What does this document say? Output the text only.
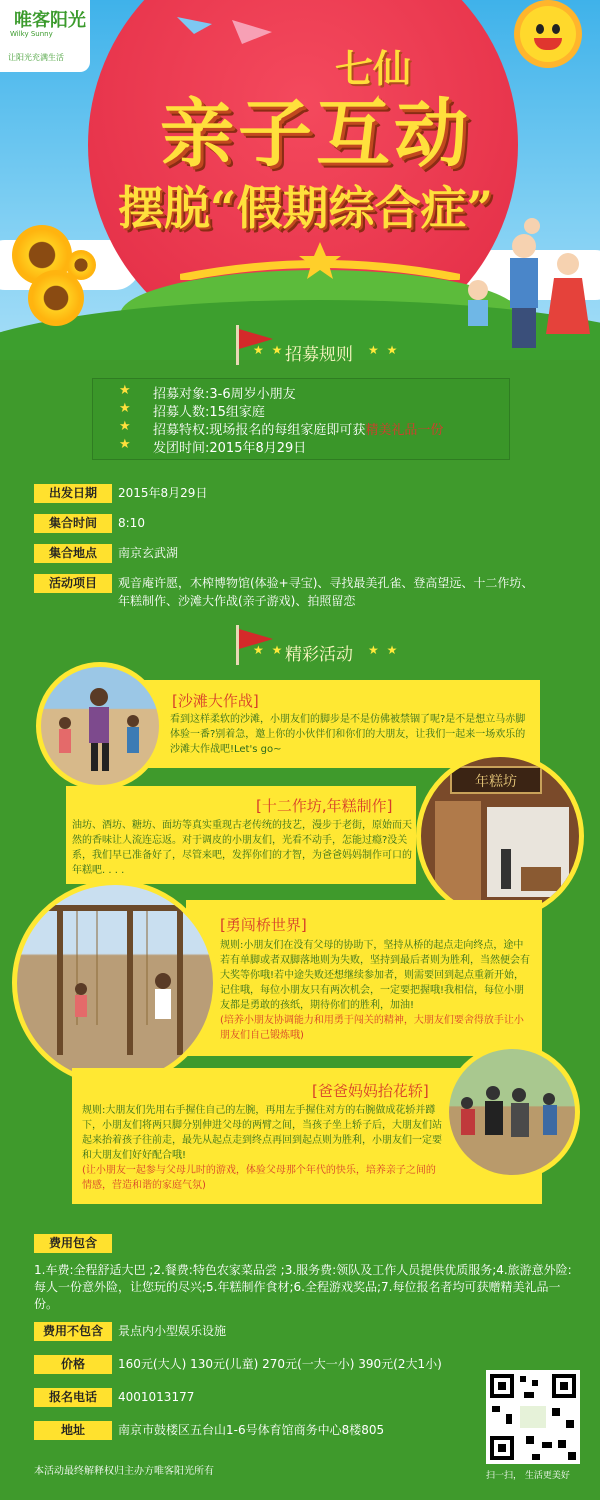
唯客阳光
Wilky Sunny
让阳光充满生活	七仙
亲子互动
摆脱“假期综合症”
★ ★ 招募规则 ★ ★
★ 招募对象:3-6周岁小朋友
★ 招募人数:15组家庭
★ 招募特权:现场报名的每组家庭即可获精美礼品一份
★ 发团时间:2015年8月29日
出发日期	2015年8月29日
集合时间	8:10
集合地点	南京玄武湖
活动项目	观音庵许愿，木榨博物馆(体验+寻宝)、寻找最美孔雀、登高望远、十二作坊、年糕制作、沙滩大作战(亲子游戏)、拍照留恋
★ ★ 精彩活动 ★ ★
[沙滩大作战]
看到这样柔软的沙滩，小朋友们的脚步是不是仿佛被禁锢了呢?是不是想立马赤脚体验一番?别着急，邀上你的小伙伴们和你们的大朋友，让我们一起来一场欢乐的沙滩大作战吧!Let's go~
[十二作坊,年糕制作]
油坊、酒坊、糖坊、面坊等真实重现古老传统的技艺，漫步于老街，原始而天然的香味让人流连忘返。对于调皮的小朋友们，光看不动手，怎能过瘾?没关系，我们早已准备好了，尽管来吧，发挥你们的才智，为爸爸妈妈制作可口的年糕吧. . . .
年糕坊
[勇闯桥世界]
规则:小朋友们在没有父母的协助下，坚持从桥的起点走向终点，途中若有单脚或者双脚落地则为失败，坚持到最后者则为胜利，当然便会有大奖等你哦!若中途失败还想继续参加者，则需要回到起点重新开始，记住哦，每位小朋友只有两次机会，一定要把握哦!我相信，每位小朋友都是勇敢的孩纸，期待你们的胜利，加油!
(培养小朋友协调能力和用勇于闯关的精神，大朋友们要舍得放手让小朋友们自己锻炼哦)
[爸爸妈妈抬花轿]
规则:大朋友们先用右手握住自己的左腕，再用左手握住对方的右腕做成花轿并蹲下，小朋友们将两只脚分别伸进父母的两臂之间，当孩子坐上轿子后，大朋友们站起来抬着孩子往前走，最先从起点走到终点再回到起点则为胜利，小朋友们一定要和大朋友们好好配合哦!
(让小朋友一起参与父母儿时的游戏，体验父母那个年代的快乐，培养亲子之间的情感，营造和谐的家庭气氛)
费用包含
1.车费:全程舒适大巴 ;2.餐费:特色农家菜品尝 ;3.服务费:领队及工作人员提供优质服务;4.旅游意外险:每人一份意外险，让您玩的尽兴;5.年糕制作食材;6.全程游戏奖品;7.每位报名者均可获赠精美礼品一份。
费用不包含	景点内小型娱乐设施
价格	160元(大人) 130元(儿童) 270元(一大一小) 390元(2大1小)
报名电话	4001013177
地址	南京市鼓楼区五台山1-6号体育馆商务中心8楼805
扫一扫， 生活更美好
本活动最终解释权归主办方唯客阳光所有
